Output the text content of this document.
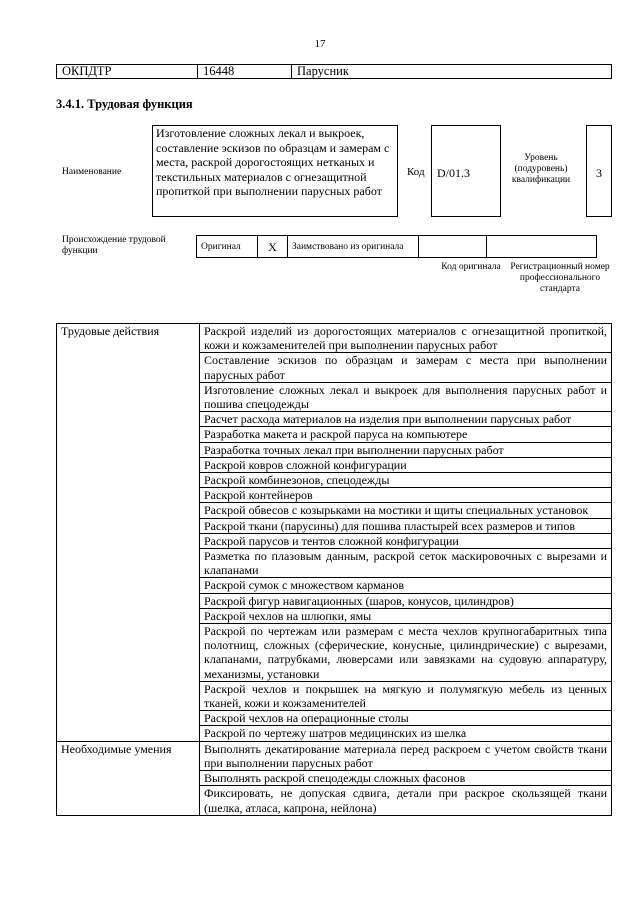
17
ОКПДТР	16448	Парусник
3.4.1. Трудовая функция
Наименование
Изготовление сложных лекал и выкроек, составление эскизов по образцам и замерам с места, раскрой дорогостоящих нетканых и текстильных материалов с огнезащитной пропиткой при выполнении парусных работ
Код	D/01.3
Уровень (подуровень) квалификации	3
Происхождение трудовой функции	Оригинал	X	Заимствовано из оригинала		
Код оригинала	Регистрационный номер профессионального стандарта
Трудовые действия	Раскрой изделий из дорогостоящих материалов с огнезащитной пропиткой, кожи и кожзаменителей при выполнении парусных работ
	Составление эскизов по образцам и замерам с места при выполнении парусных работ
	Изготовление сложных лекал и выкроек для выполнения парусных работ и пошива спецодежды
	Расчет расхода материалов на изделия при выполнении парусных работ
	Разработка макета и раскрой паруса на компьютере
	Разработка точных лекал при выполнении парусных работ
	Раскрой ковров сложной конфигурации
	Раскрой комбинезонов, спецодежды
	Раскрой контейнеров
	Раскрой обвесов с козырьками на мостики и щиты специальных установок
	Раскрой ткани (парусины) для пошива пластырей всех размеров и типов
	Раскрой парусов и тентов сложной конфигурации
	Разметка по плазовым данным, раскрой сеток маскировочных с вырезами и клапанами
	Раскрой сумок с множеством карманов
	Раскрой фигур навигационных (шаров, конусов, цилиндров)
	Раскрой чехлов на шлюпки, ямы
	Раскрой по чертежам или размерам с места чехлов крупногабаритных типа полотнищ, сложных (сферические, конусные, цилиндрические) с вырезами, клапанами, патрубками, люверсами или завязками на судовую аппаратуру, механизмы, установки
	Раскрой чехлов и покрышек на мягкую и полумягкую мебель из ценных тканей, кожи и кожзаменителей
	Раскрой чехлов на операционные столы
	Раскрой по чертежу шатров медицинских из шелка
Необходимые умения	Выполнять декатирование материала перед раскроем с учетом свойств ткани при выполнении парусных работ
	Выполнять раскрой спецодежды сложных фасонов
	Фиксировать, не допуская сдвига, детали при раскрое скользящей ткани (шелка, атласа, капрона, нейлона)
